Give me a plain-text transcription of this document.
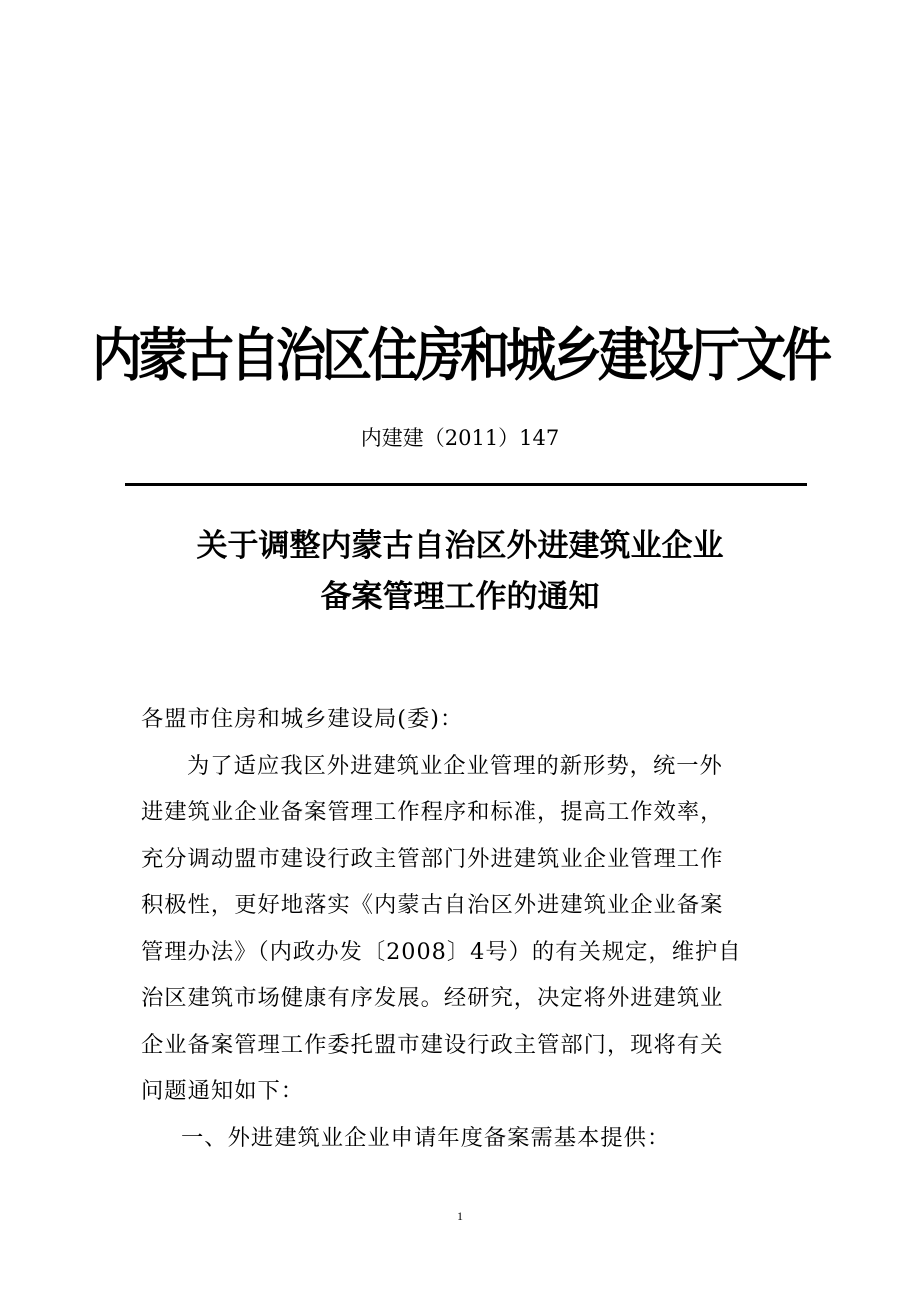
内蒙古自治区住房和城乡建设厅文件
内建建（2011）147
关于调整内蒙古自治区外进建筑业企业
备案管理工作的通知
各盟市住房和城乡建设局(委)：
为了适应我区外进建筑业企业管理的新形势，统一外
进建筑业企业备案管理工作程序和标准，提高工作效率，
充分调动盟市建设行政主管部门外进建筑业企业管理工作
积极性，更好地落实《内蒙古自治区外进建筑业企业备案
管理办法》（内政办发〔2008〕4号）的有关规定，维护自
治区建筑市场健康有序发展。经研究，决定将外进建筑业
企业备案管理工作委托盟市建设行政主管部门，现将有关
问题通知如下：
一、外进建筑业企业申请年度备案需基本提供：
1
